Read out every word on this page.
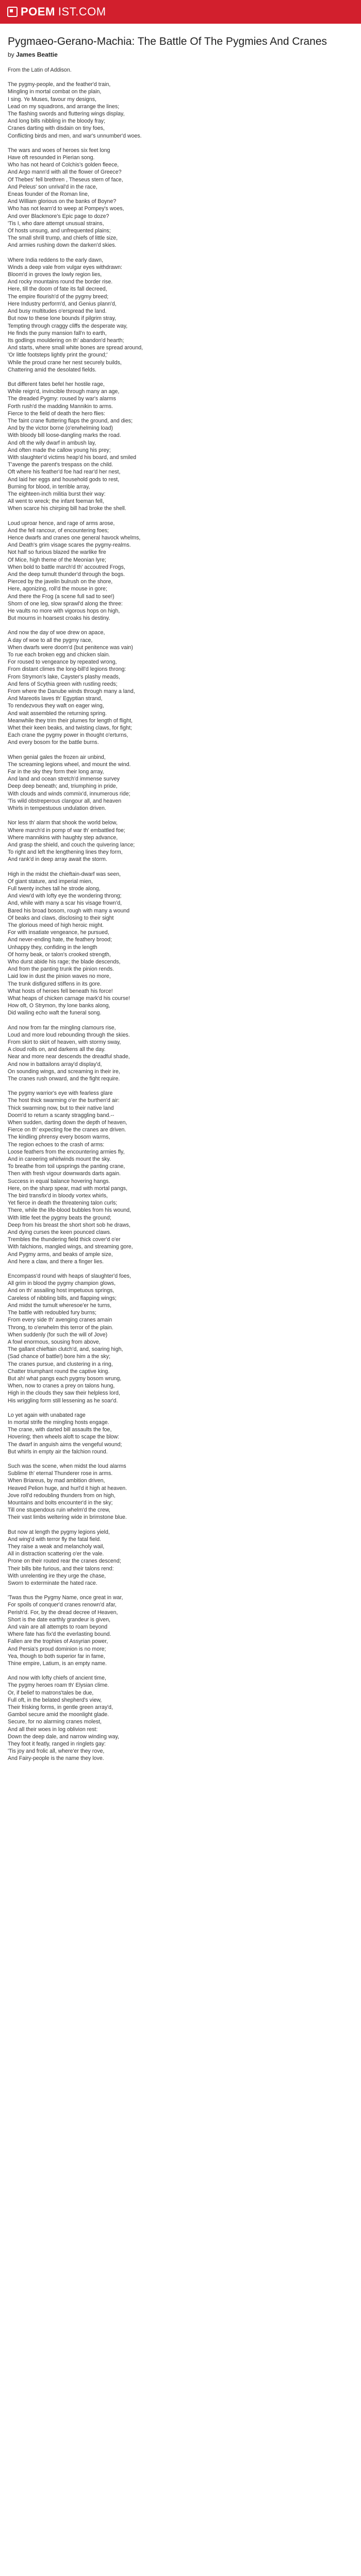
POEM IST.COM
Pygmaeo-Gerano-Machia: The Battle Of The Pygmies And Cranes

by James Beattie

From the Latin of Addison.
The pygmy-people, and the feather'd train,
Mingling in mortal combat on the plain,
I sing. Ye Muses, favour my designs,
Lead on my squadrons, and arrange the lines;
The flashing swords and fluttering wings display,
And long bills nibbling in the bloody fray;
Cranes darting with disdain on tiny foes,
Conflicting birds and men, and war's unnumber'd woes.
The wars and woes of heroes six feet long
Have oft resounded in Pierian song.
Who has not heard of Colchis's golden fleece,
And Argo mann'd with all the flower of Greece?
Of Thebes' fell brethren , Theseus stern of face,
And Peleus' son unrival'd in the race,
Eneas founder of the Roman line,
And William glorious on the banks of Boyne?
Who has not learn'd to weep at Pompey's woes,
And over Blackmore's Epic page to doze?
'Tis I, who dare attempt unusual strains,
Of hosts unsung, and unfrequented plains;
The small shrill trump, and chiefs of little size,
And armies rushing down the darken'd skies.
Where India reddens to the early dawn,
Winds a deep vale from vulgar eyes withdrawn:
Bloom'd in groves the lowly region lies,
And rocky mountains round the border rise.
Here, till the doom of fate its fall decreed,
The empire flourish'd of the pygmy breed;
Here Industry perform'd, and Genius plann'd,
And busy multitudes o'erspread the land.
But now to these lone bounds if pilgrim stray,
Tempting through craggy cliffs the desperate way,
He finds the puny mansion fall'n to earth,
Its godlings mouldering on th' abandon'd hearth;
And starts, where small white bones are spread around,
'Or little footsteps lightly print the ground;'
While the proud crane her nest securely builds,
Chattering amid the desolated fields.
But different fates befel her hostile rage,
While reign'd, invincible through many an age,
The dreaded Pygmy: roused by war's alarms
Forth rush'd the madding Mannikin to arms.
Fierce to the field of death the hero flies:
The faint crane fluttering flaps the ground, and dies;
And by the victor borne (o'erwhelming load)
With bloody bill loose-dangling marks the road.
And oft the wily dwarf in ambush lay,
And often made the callow young his prey;
With slaughter'd victims heap'd his board, and smiled
T'avenge the parent's trespass on the child.
Oft where his feather'd foe had rear'd her nest,
And laid her eggs and household gods to rest,
Burning for blood, in terrible array,
The eighteen-inch militia burst their way:
All went to wreck; the infant foeman fell,
When scarce his chirping bill had broke the shell.
Loud uproar hence, and rage of arms arose,
And the fell rancour, of encountering foes;
Hence dwarfs and cranes one general havock whelms,
And Death's grim visage scares the pygmy-realms.
Not half so furious blazed the warlike fire
Of Mice, high theme of the Meonian lyre;
When bold to battle march'd th' accoutred Frogs,
And the deep tumult thunder'd through the bogs.
Pierced by the javelin bulrush on the shore,
Here, agonizing, roll'd the mouse in gore;
And there the Frog (a scene full sad to see!)
Shorn of one leg, slow sprawl'd along the three:
He vaults no more with vigorous hops on high,
But mourns in hoarsest croaks his destiny.
And now the day of woe drew on apace,
A day of woe to all the pygmy race,
When dwarfs were doom'd (but penitence was vain)
To rue each broken egg and chicken slain.
For roused to vengeance by repeated wrong,
From distant climes the long-bill'd legions throng:
From Strymon's lake, Cayster's plashy meads,
And fens of Scythia green with rustling reeds;
From where the Danube winds through many a land,
And Mareotis laves th' Egyptian strand,
To rendezvous they waft on eager wing,
And wait assembled the returning spring.
Meanwhile they trim their plumes for length of flight,
Whet their keen beaks, and twisting claws, for fight;
Each crane the pygmy power in thought o'erturns,
And every bosom for the battle burns.
When genial gales the frozen air unbind,
The screaming legions wheel, and mount the wind.
Far in the sky they form their long array,
And land and ocean stretch'd immense survey
Deep deep beneath; and, triumphing in pride,
With clouds and winds commix'd, innumerous ride;
'Tis wild obstreperous clangour all, and heaven
Whirls in tempestuous undulation driven.
Nor less th' alarm that shook the world below,
Where march'd in pomp of war th' embattled foe;
Where mannikins with haughty step advance,
And grasp the shield, and couch the quivering lance;
To right and left the lengthening lines they form,
And rank'd in deep array await the storm.
High in the midst the chieftain-dwarf was seen,
Of giant stature, and imperial mien,
Full twenty inches tall he strode along,
And view'd with lofty eye the wondering throng;
And, while with many a scar his visage frown'd,
Bared his broad bosom, rough with many a wound
Of beaks and claws, disclosing to their sight
The glorious meed of high heroic might.
For with insatiate vengeance, he pursued,
And never-ending hate, the feathery brood;
Unhappy they, confiding in the length
Of horny beak, or talon's crooked strength,
Who durst abide his rage; the blade descends,
And from the panting trunk the pinion rends.
Laid low in dust the pinion waves no more,
The trunk disfigured stiffens in its gore.
What hosts of heroes fell beneath his force!
What heaps of chicken carnage mark'd his course!
How oft, O Strymon, thy lone banks along,
Did wailing echo waft the funeral song.
And now from far the mingling clamours rise,
Loud and more loud rebounding through the skies.
From skirt to skirt of heaven, with stormy sway,
A cloud rolls on, and darkens all the day.
Near and more near descends the dreadful shade,
And now in battailons array'd display'd,
On sounding wings, and screaming in their ire,
The cranes rush onward, and the fight require.
The pygmy warrior's eye with fearless glare
The host thick swarming o'er the burthen'd air:
Thick swarming now, but to their native land
Doom'd to return a scanty straggling band.--
When sudden, darting down the depth of heaven,
Fierce on th' expecting foe the cranes are driven.
The kindling phrensy every bosom warms,
The region echoes to the crash of arms:
Loose feathers from the encountering armies fly,
And in careering whirlwinds mount the sky.
To breathe from toil upsprings the panting crane,
Then with fresh vigour downwards darts again.
Success in equal balance hovering hangs.
Here, on the sharp spear, mad with mortal pangs,
The bird transfix'd in bloody vortex whirls,
Yet fierce in death the threatening talon curls;
There, while the life-blood bubbles from his wound,
With little feet the pygmy beats the ground;
Deep from his breast the short short sob he draws,
And dying curses the keen pounced claws.
Trembles the thundering field thick cover'd o'er
With falchions, mangled wings, and streaming gore,
And Pygmy arms, and beaks of ample size,
And here a claw, and there a finger lies.
Encompass'd round with heaps of slaughter'd foes,
All grim in blood the pygmy champion glows,
And on th' assailing host impetuous springs,
Careless of nibbling bills, and flapping wings;
And midst the tumult wheresoe'er he turns,
The battle with redoubled fury burns;
From every side th' avenging cranes amain
Throng, to o'erwhelm this terror of the plain.
When suddenly (for such the will of Jove)
A fowl enormous, sousing from above,
The gallant chieftain clutch'd, and, soaring high,
(Sad chance of battle!) bore him a the sky;
The cranes pursue, and clustering in a ring,
Chatter triumphant round the captive king.
But ah! what pangs each pygmy bosom wrung,
When, now to cranes a prey on talons hung,
High in the clouds they saw their helpless lord,
His wriggling form still lessening as he soar'd.
Lo yet again with unabated rage
In mortal strife the mingling hosts engage.
The crane, with darted bill assaults the foe,
Hovering; then wheels aloft to scape the blow:
The dwarf in anguish aims the vengeful wound;
But whirls in empty air the falchion round.
Such was the scene, when midst the loud alarms
Sublime th' eternal Thunderer rose in arms.
When Briareus, by mad ambition driven,
Heaved Pelion huge, and hurl'd it high at heaven.
Jove roll'd redoubling thunders from on high,
Mountains and bolts encounter'd in the sky;
Till one stupendous ruin whelm'd the crew,
Their vast limbs weltering wide in brimstone blue.
But now at length the pygmy legions yield,
And wing'd with terror fly the fatal field.
They raise a weak and melancholy wail,
All in distraction scattering o'er the vale.
Prone on their routed rear the cranes descend;
Their bills bite furious, and their talons rend:
With unrelenting ire they urge the chase,
Sworn to exterminate the hated race.
'Twas thus the Pygmy Name, once great in war,
For spoils of conquer'd cranes renown'd afar,
Perish'd. For, by the dread decree of Heaven,
Short is the date earthly grandeur is given,
And vain are all attempts to roam beyond
Where fate has fix'd the everlasting bound.
Fallen are the trophies of Assyrian power,
And Persia's proud dominion is no more;
Yea, though to both superior far in fame,
Thine empire, Latium, is an empty name.
And now with lofty chiefs of ancient time,
The pygmy heroes roam th' Elysian clime.
Or, if belief to matrons'tales be due,
Full oft, in the belated shepherd's view,
Their frisking forms, in gentle green array'd,
Gambol secure amid the moonlight glade.
Secure, for no alarming cranes molest,
And all their woes in log oblivion rest:
Down the deep dale, and narrow winding way,
They foot it featly, ranged in ringlets gay:
'Tis joy and frolic all, where'er they rove,
And Fairy-people is the name they love.
